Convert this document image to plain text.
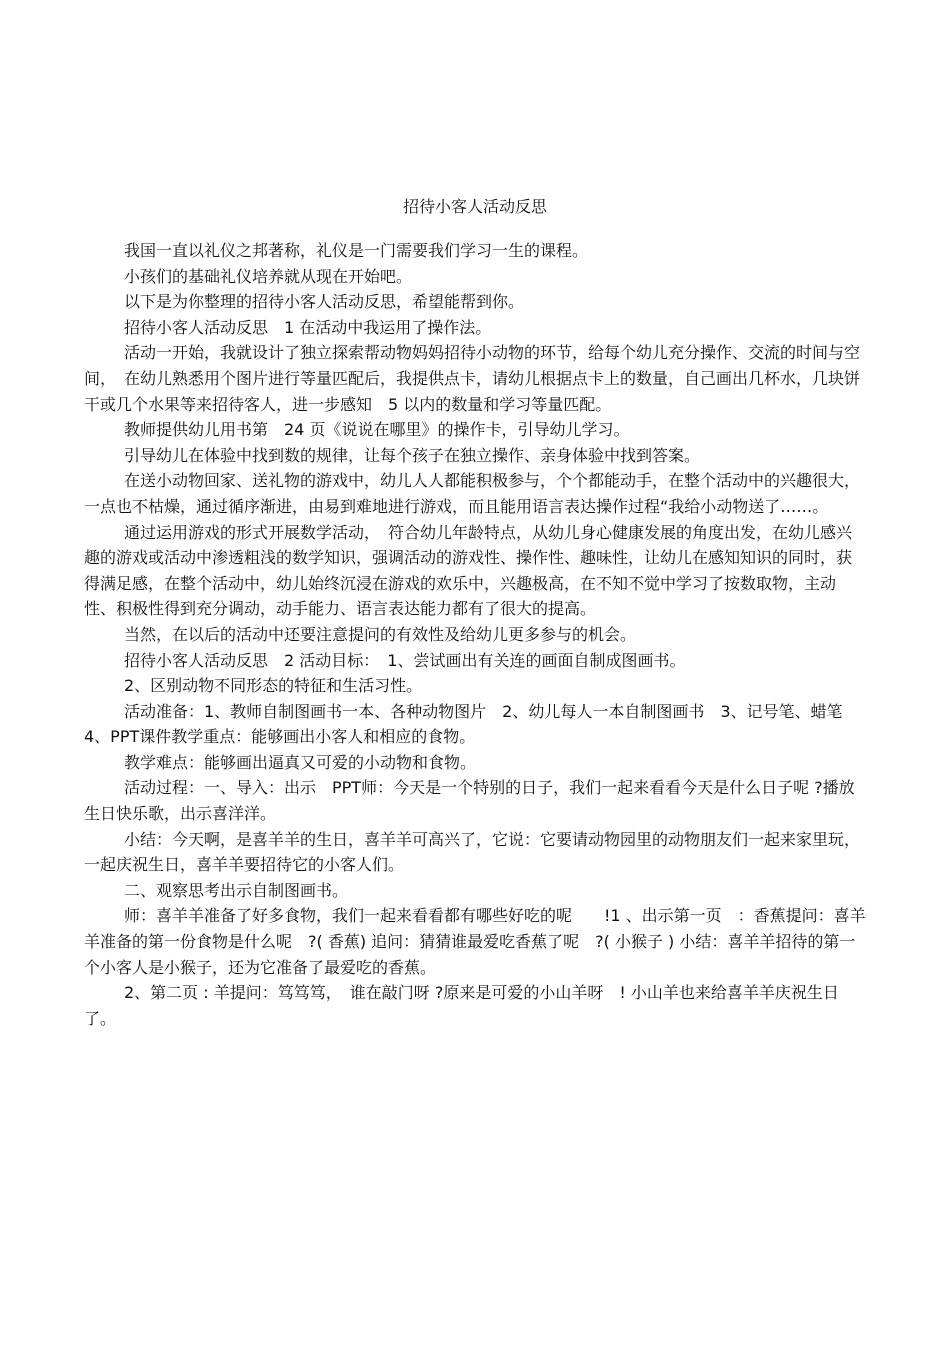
招待小客人活动反思

我国一直以礼仪之邦著称，礼仪是一门需要我们学习一生的课程。

小孩们的基础礼仪培养就从现在开始吧。

以下是为你整理的招待小客人活动反思，希望能帮到你。

招待小客人活动反思　1 在活动中我运用了操作法。

活动一开始，我就设计了独立探索帮动物妈妈招待小动物的环节，给每个幼儿充分操作、交流的时间与空间，　在幼儿熟悉用个图片进行等量匹配后，我提供点卡，请幼儿根据点卡上的数量，自己画出几杯水，几块饼干或几个水果等来招待客人，进一步感知　5 以内的数量和学习等量匹配。

教师提供幼儿用书第　24 页《说说在哪里》的操作卡，引导幼儿学习。

引导幼儿在体验中找到数的规律，让每个孩子在独立操作、亲身体验中找到答案。

在送小动物回家、送礼物的游戏中，幼儿人人都能积极参与，个个都能动手，在整个活动中的兴趣很大，一点也不枯燥，通过循序渐进，由易到难地进行游戏，而且能用语言表达操作过程“我给小动物送了……。

通过运用游戏的形式开展数学活动，　符合幼儿年龄特点，从幼儿身心健康发展的角度出发，在幼儿感兴趣的游戏或活动中渗透粗浅的数学知识，强调活动的游戏性、操作性、趣味性，让幼儿在感知知识的同时，获得满足感，在整个活动中，幼儿始终沉浸在游戏的欢乐中，兴趣极高，在不知不觉中学习了按数取物，主动性、积极性得到充分调动，动手能力、语言表达能力都有了很大的提高。

当然，在以后的活动中还要注意提问的有效性及给幼儿更多参与的机会。

招待小客人活动反思　2 活动目标：　1、尝试画出有关连的画面自制成图画书。

2、区别动物不同形态的特征和生活习性。

活动准备：1、教师自制图画书一本、各种动物图片　2、幼儿每人一本自制图画书　3、记号笔、蜡笔　4、PPT课件教学重点：能够画出小客人和相应的食物。

教学难点：能够画出逼真又可爱的小动物和食物。

活动过程：一、导入：出示　PPT师：今天是一个特别的日子，我们一起来看看今天是什么日子呢 ?播放生日快乐歌，出示喜洋洋。

小结：今天啊，是喜羊羊的生日，喜羊羊可高兴了，它说：它要请动物园里的动物朋友们一起来家里玩，一起庆祝生日，喜羊羊要招待它的小客人们。

二、观察思考出示自制图画书。

师：喜羊羊准备了好多食物，我们一起来看看都有哪些好吃的呢　　!1 、出示第一页　：香蕉提问：喜羊羊准备的第一份食物是什么呢　?( 香蕉) 追问：猜猜谁最爱吃香蕉了呢　?( 小猴子 ) 小结：喜羊羊招待的第一个小客人是小猴子，还为它准备了最爱吃的香蕉。

2、第二页 : 羊提问：笃笃笃，　谁在敲门呀 ?原来是可爱的小山羊呀　! 小山羊也来给喜羊羊庆祝生日了。
